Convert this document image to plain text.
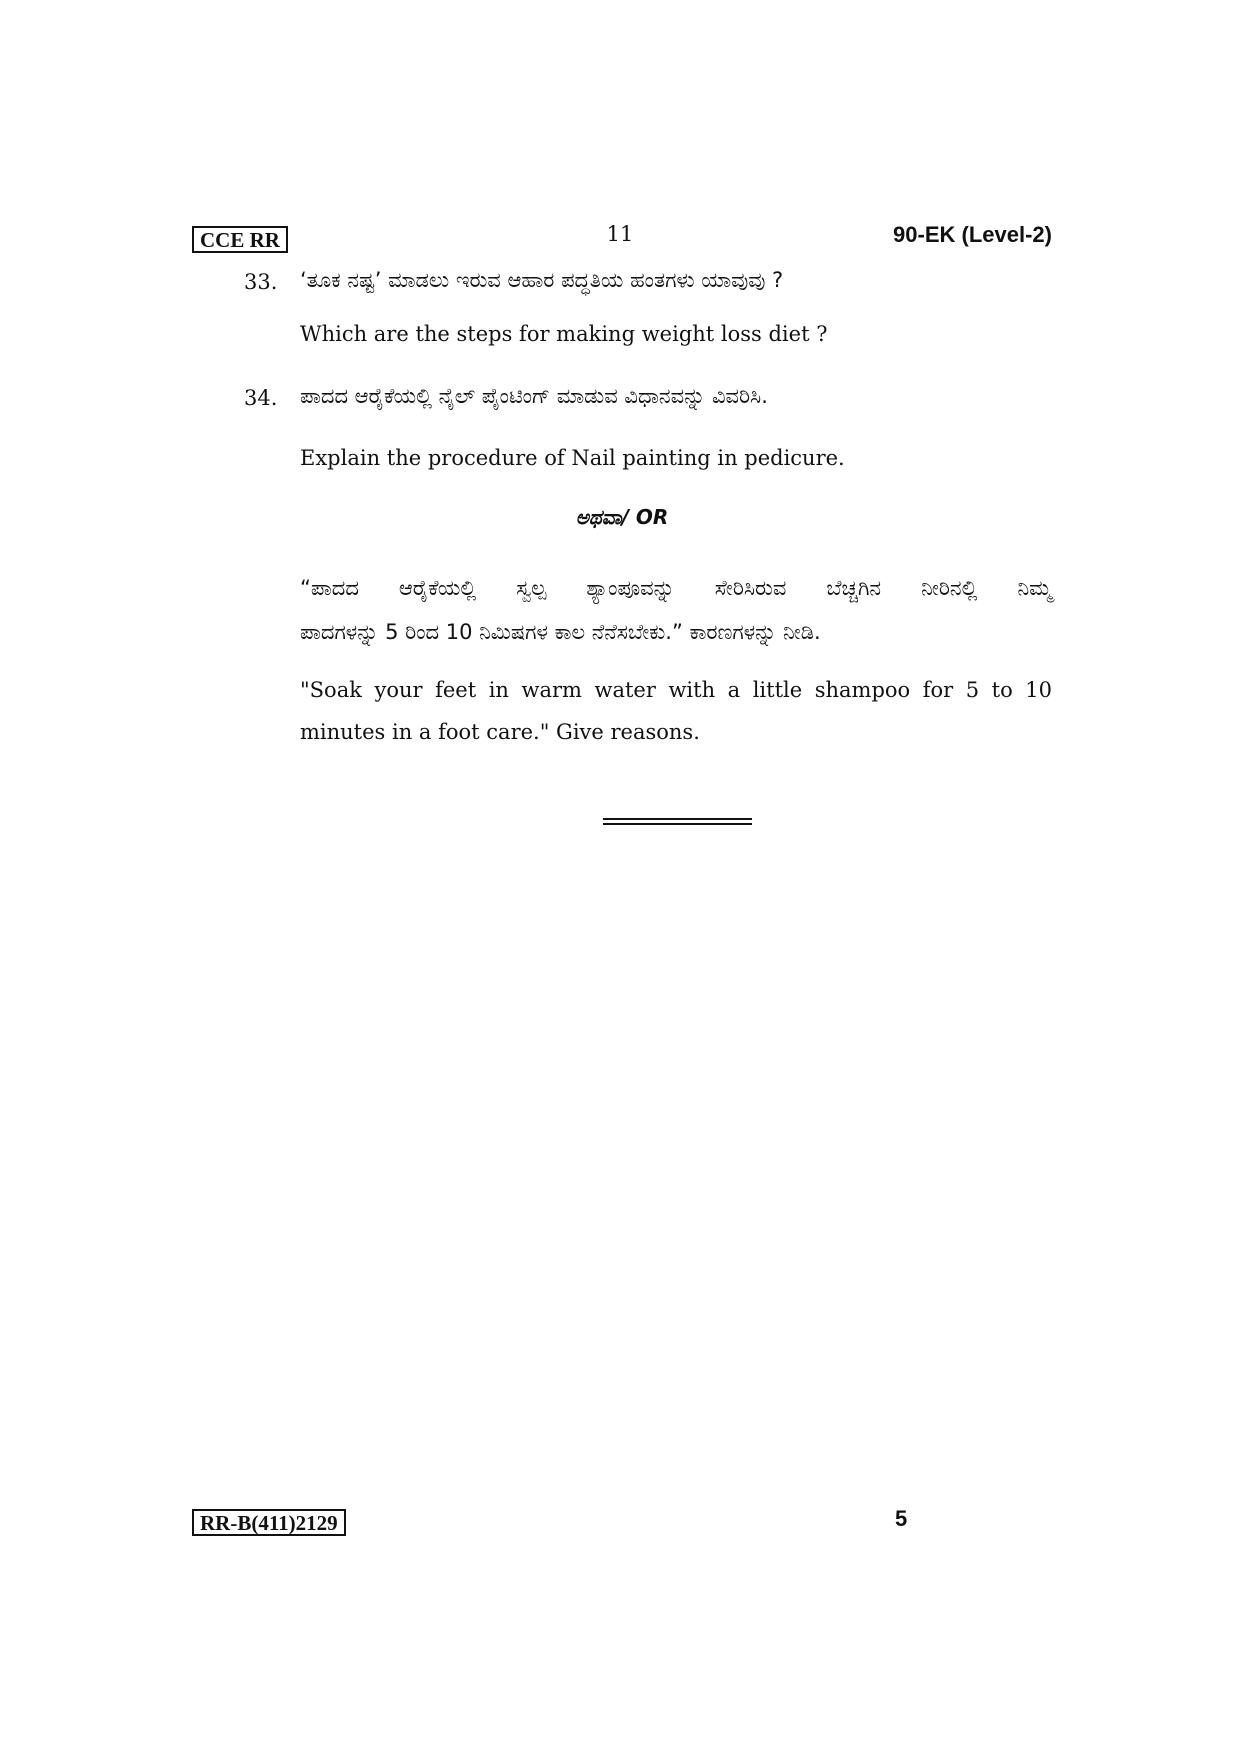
CCE RR	11	90-EK (Level-2)
33. ‘ತೂಕ ನಷ್ಟ’ ಮಾಡಲು ಇರುವ ಆಹಾರ ಪದ್ಧತಿಯ ಹಂತಗಳು ಯಾವುವು ?
Which are the steps for making weight loss diet ?
34. ಪಾದದ ಆರೈಕೆಯಲ್ಲಿ ನೈಲ್ ಪೈಂಟಿಂಗ್ ಮಾಡುವ ವಿಧಾನವನ್ನು ವಿವರಿಸಿ.
Explain the procedure of Nail painting in pedicure.
ಅಥವಾ/ OR
“ಪಾದದ ಆರೈಕೆಯಲ್ಲಿ ಸ್ವಲ್ಪ ಶ್ಯಾಂಪೂವನ್ನು ಸೇರಿಸಿರುವ ಬೆಚ್ಚಗಿನ ನೀರಿನಲ್ಲಿ ನಿಮ್ಮ
ಪಾದಗಳನ್ನು 5 ರಿಂದ 10 ನಿಮಿಷಗಳ ಕಾಲ ನೆನೆಸಬೇಕು.” ಕಾರಣಗಳನ್ನು ನೀಡಿ.
"Soak your feet in warm water with a little shampoo for 5 to 10
minutes in a foot care." Give reasons.
RR-B(411)2129	5
